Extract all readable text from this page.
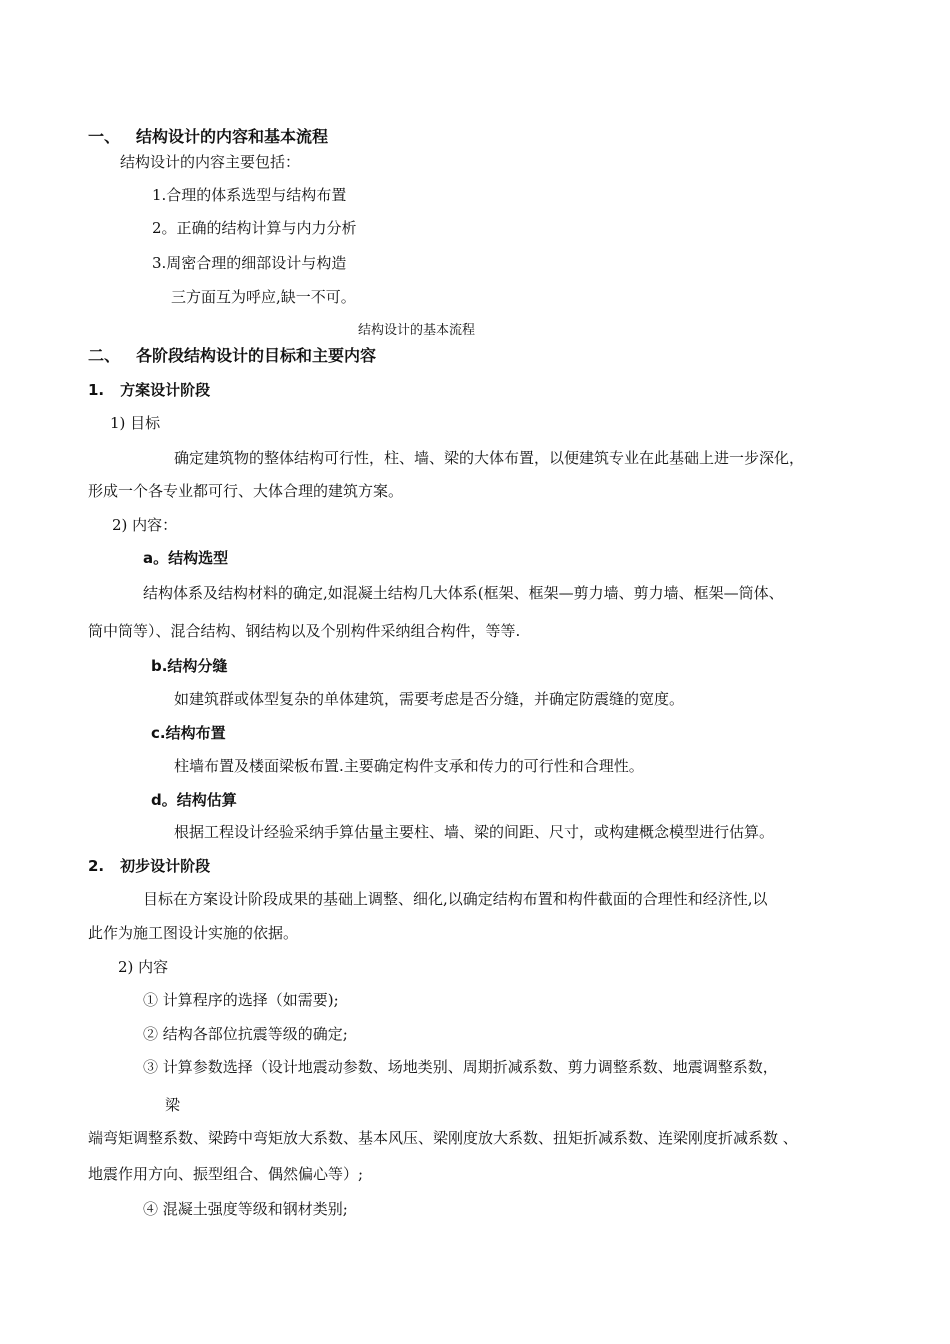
一、 结构设计的内容和基本流程
结构设计的内容主要包括：
1.合理的体系选型与结构布置
2。正确的结构计算与内力分析
3.周密合理的细部设计与构造
三方面互为呼应,缺一不可。
结构设计的基本流程
二、 各阶段结构设计的目标和主要内容
1. 方案设计阶段
1) 目标
确定建筑物的整体结构可行性，柱、墙、梁的大体布置，以便建筑专业在此基础上进一步深化，
形成一个各专业都可行、大体合理的建筑方案。
2) 内容：
a。结构选型
结构体系及结构材料的确定,如混凝土结构几大体系(框架、框架—剪力墙、剪力墙、框架—筒体、
筒中筒等）、混合结构、钢结构以及个别构件采纳组合构件，等等.
b.结构分缝
如建筑群或体型复杂的单体建筑，需要考虑是否分缝，并确定防震缝的宽度。
c.结构布置
柱墙布置及楼面梁板布置.主要确定构件支承和传力的可行性和合理性。
d。结构估算
根据工程设计经验采纳手算估量主要柱、墙、梁的间距、尺寸，或构建概念模型进行估算。
2. 初步设计阶段
目标在方案设计阶段成果的基础上调整、细化,以确定结构布置和构件截面的合理性和经济性,以
此作为施工图设计实施的依据。
2) 内容
① 计算程序的选择（如需要);
② 结构各部位抗震等级的确定;
③ 计算参数选择（设计地震动参数、场地类别、周期折减系数、剪力调整系数、地震调整系数，
梁
端弯矩调整系数、梁跨中弯矩放大系数、基本风压、梁刚度放大系数、扭矩折减系数、连梁刚度折减系数 、
地震作用方向、振型组合、偶然偏心等）;
④ 混凝土强度等级和钢材类别;
